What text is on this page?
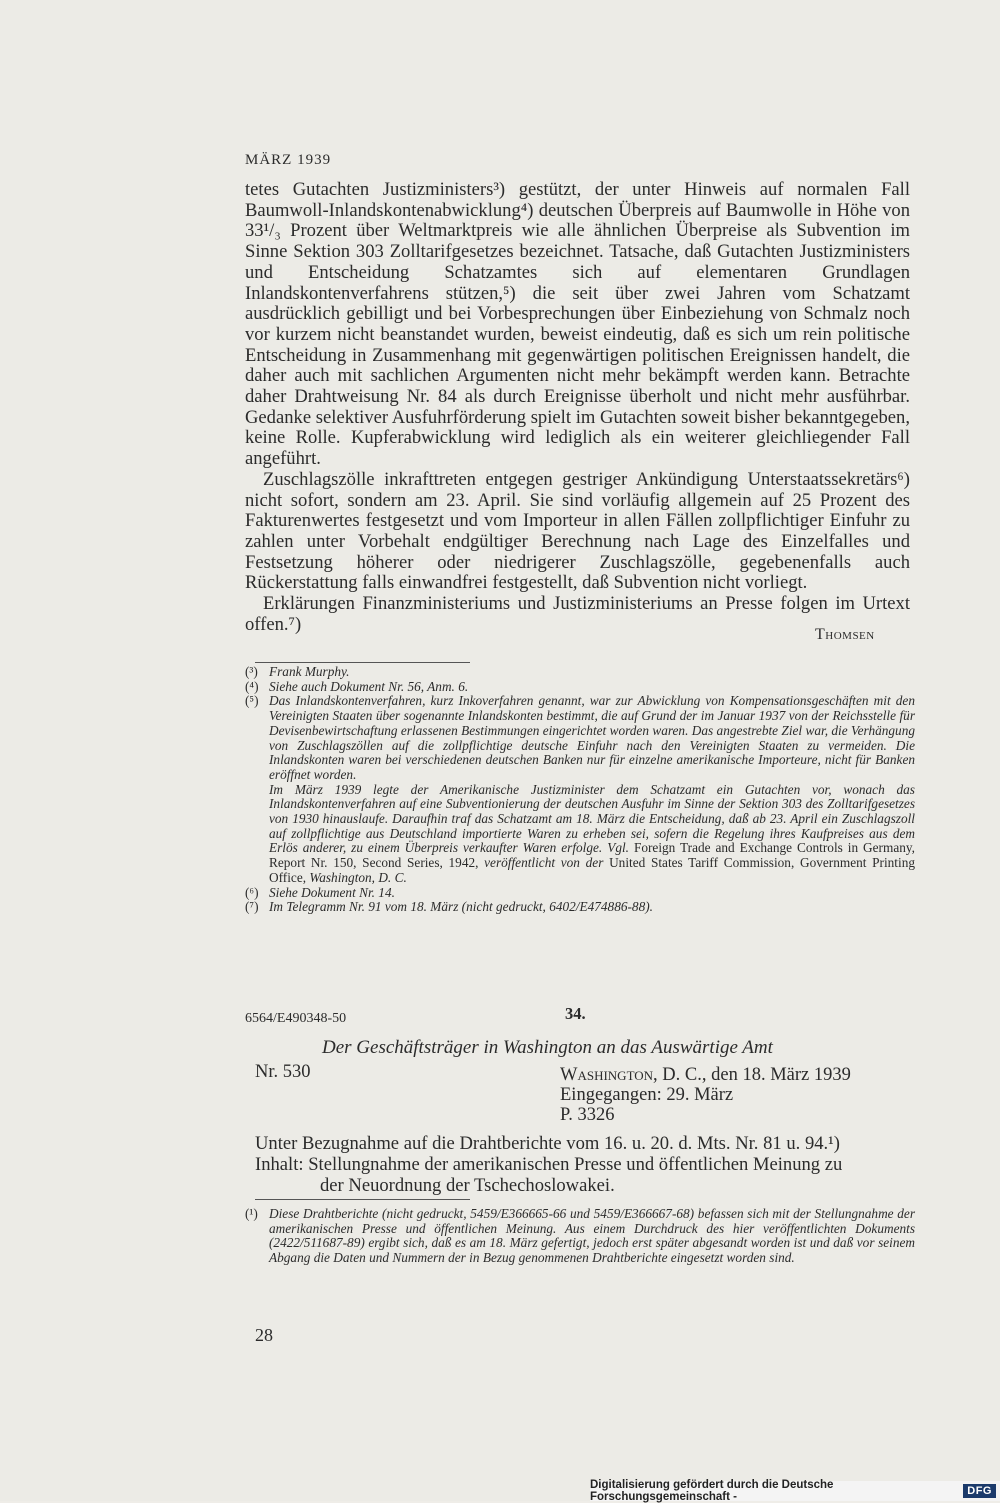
MÄRZ 1939

tetes Gutachten Justizministers³) gestützt, der unter Hinweis auf normalen Fall Baumwoll-Inlandskontenabwicklung⁴) deutschen Überpreis auf Baumwolle in Höhe von 33¹/₃ Prozent über Weltmarktpreis wie alle ähnlichen Überpreise als Subvention im Sinne Sektion 303 Zolltarifgesetzes bezeichnet. Tatsache, daß Gutachten Justizministers und Entscheidung Schatzamtes sich auf elementaren Grundlagen Inlandskontenverfahrens stützen,⁵) die seit über zwei Jahren vom Schatzamt ausdrücklich gebilligt und bei Vorbesprechungen über Einbeziehung von Schmalz noch vor kurzem nicht beanstandet wurden, beweist eindeutig, daß es sich um rein politische Entscheidung in Zusammenhang mit gegenwärtigen politischen Ereignissen handelt, die daher auch mit sachlichen Argumenten nicht mehr bekämpft werden kann. Betrachte daher Drahtweisung Nr. 84 als durch Ereignisse überholt und nicht mehr ausführbar. Gedanke selektiver Ausfuhrförderung spielt im Gutachten soweit bisher bekanntgegeben, keine Rolle. Kupferabwicklung wird lediglich als ein weiterer gleichliegender Fall angeführt.

Zuschlagszölle inkrafttreten entgegen gestriger Ankündigung Unterstaatssekretärs⁶) nicht sofort, sondern am 23. April. Sie sind vorläufig allgemein auf 25 Prozent des Fakturenwertes festgesetzt und vom Importeur in allen Fällen zollpflichtiger Einfuhr zu zahlen unter Vorbehalt endgültiger Berechnung nach Lage des Einzelfalles und Festsetzung höherer oder niedrigerer Zuschlagszölle, gegebenenfalls auch Rückerstattung falls einwandfrei festgestellt, daß Subvention nicht vorliegt.

Erklärungen Finanzministeriums und Justizministeriums an Presse folgen im Urtext offen.⁷)	Thomsen
(³) Frank Murphy.
(⁴) Siehe auch Dokument Nr. 56, Anm. 6.
(⁵) Das Inlandskontenverfahren, kurz Inkoverfahren genannt, war zur Abwicklung von Kompensationsgeschäften mit den Vereinigten Staaten über sogenannte Inlandskonten bestimmt, die auf Grund der im Januar 1937 von der Reichsstelle für Devisenbewirtschaftung erlassenen Bestimmungen eingerichtet worden waren. Das angestrebte Ziel war, die Verhängung von Zuschlagszöllen auf die zollpflichtige deutsche Einfuhr nach den Vereinigten Staaten zu vermeiden. Die Inlandskonten waren bei verschiedenen deutschen Banken nur für einzelne amerikanische Importeure, nicht für Banken eröffnet worden.

Im März 1939 legte der Amerikanische Justizminister dem Schatzamt ein Gutachten vor, wonach das Inlandskontenverfahren auf eine Subventionierung der deutschen Ausfuhr im Sinne der Sektion 303 des Zolltarifgesetzes von 1930 hinauslaufe. Daraufhin traf das Schatzamt am 18. März die Entscheidung, daß ab 23. April ein Zuschlagszoll auf zollpflichtige aus Deutschland importierte Waren zu erheben sei, sofern die Regelung ihres Kaufpreises aus dem Erlös anderer, zu einem Überpreis verkaufter Waren erfolge. Vgl. Foreign Trade and Exchange Controls in Germany, Report Nr. 150, Second Series, 1942, veröffentlicht von der United States Tariff Commission, Government Printing Office, Washington, D. C.

(⁶) Siehe Dokument Nr. 14.
(⁷) Im Telegramm Nr. 91 vom 18. März (nicht gedruckt, 6402/E474886-88).
6564/E490348-50	34.
Der Geschäftsträger in Washington an das Auswärtige Amt
Nr. 530	Washington, D. C., den 18. März 1939
Eingegangen: 29. März
P. 3326
Unter Bezugnahme auf die Drahtberichte vom 16. u. 20. d. Mts. Nr. 81 u. 94.¹)
Inhalt: Stellungnahme der amerikanischen Presse und öffentlichen Meinung zu
der Neuordnung der Tschechoslowakei.
(¹) Diese Drahtberichte (nicht gedruckt, 5459/E366665-66 und 5459/E366667-68) befassen sich mit der Stellungnahme der amerikanischen Presse und öffentlichen Meinung. Aus einem Durchdruck des hier veröffentlichten Dokuments (2422/511687-89) ergibt sich, daß es am 18. März gefertigt, jedoch erst später abgesandt worden ist und daß vor seinem Abgang die Daten und Nummern der in Bezug genommenen Drahtberichte eingesetzt worden sind.
28
Digitalisierung gefördert durch die Deutsche Forschungsgemeinschaft -	DFG
